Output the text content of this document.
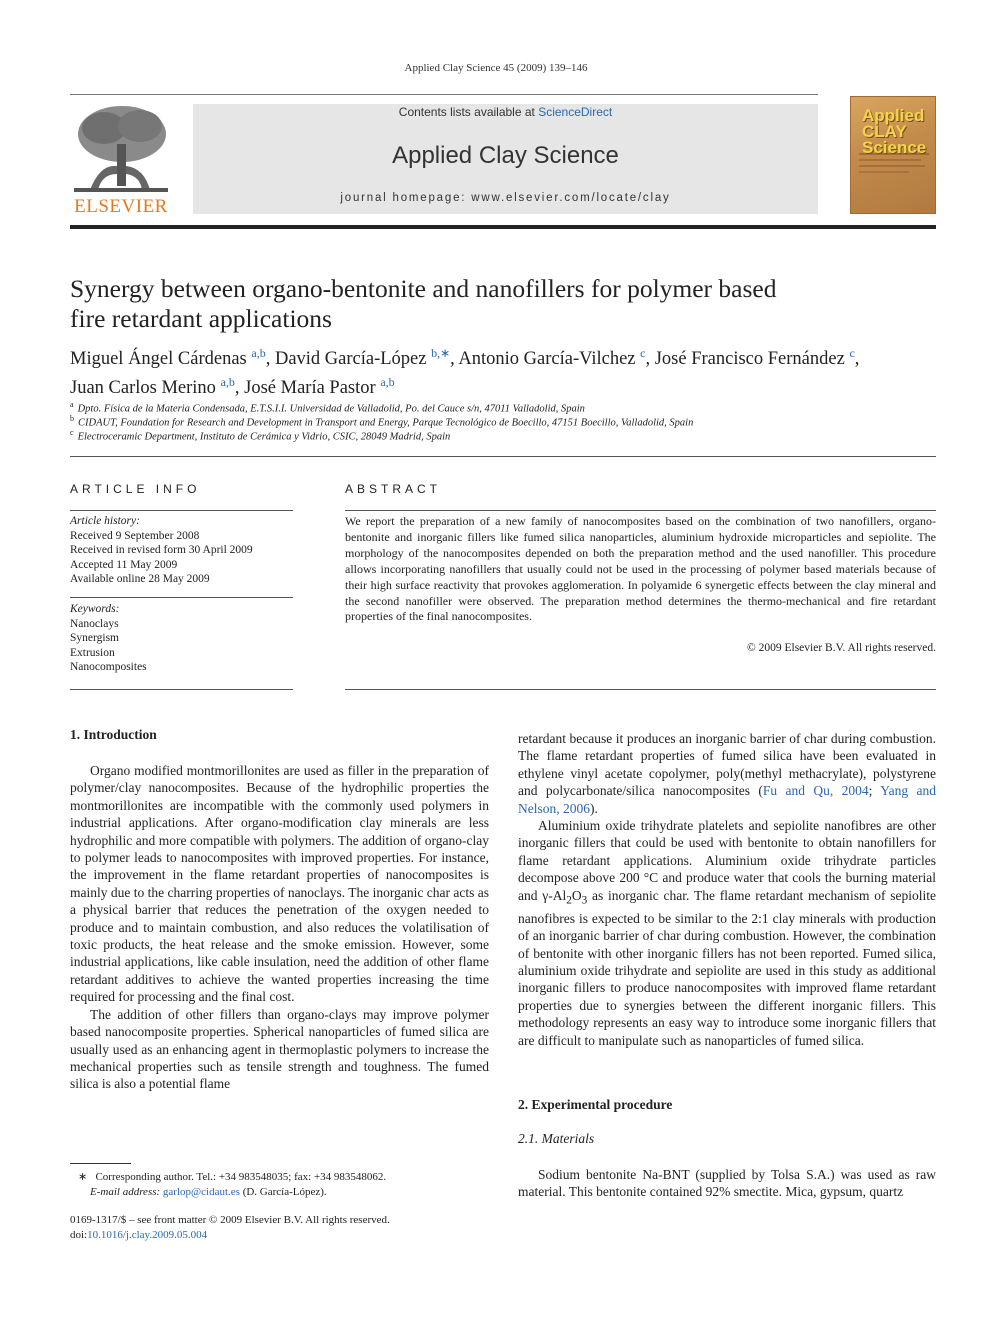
Applied Clay Science 45 (2009) 139–146
ELSEVIER
Contents lists available at ScienceDirect
Applied Clay Science
journal homepage: www.elsevier.com/locate/clay
Applied CLAY Science
Synergy between organo-bentonite and nanofillers for polymer based
fire retardant applications
Miguel Ángel Cárdenas $^{a,b}$, David García-López $^{b,∗}$, Antonio García-Vilchez $^c$, José Francisco Fernández $^c$,
Juan Carlos Merino $^{a,b}$, José María Pastor $^{a,b}$
$^a$ Dpto. Física de la Materia Condensada, E.T.S.I.I. Universidad de Valladolid, Po. del Cauce s/n, 47011 Valladolid, Spain
$^b$ CIDAUT, Foundation for Research and Development in Transport and Energy, Parque Tecnológico de Boecillo, 47151 Boecillo, Valladolid, Spain
$^c$ Electroceramic Department, Instituto de Cerámica y Vidrio, CSIC, 28049 Madrid, Spain
ARTICLE INFO
Article history:
Received 9 September 2008
Received in revised form 30 April 2009
Accepted 11 May 2009
Available online 28 May 2009
Keywords:
Nanoclays
Synergism
Extrusion
Nanocomposites
ABSTRACT
We report the preparation of a new family of nanocomposites based on the combination of two nanofillers, organo-bentonite and inorganic fillers like fumed silica nanoparticles, aluminium hydroxide microparticles and sepiolite. The morphology of the nanocomposites depended on both the preparation method and the used nanofiller. This procedure allows incorporating nanofillers that usually could not be used in the processing of polymer based materials because of their high surface reactivity that provokes agglomeration. In polyamide 6 synergetic effects between the clay mineral and the second nanofiller were observed. The preparation method determines the thermo-mechanical and fire retardant properties of the final nanocomposites.
© 2009 Elsevier B.V. All rights reserved.
1. Introduction

Organo modified montmorillonites are used as filler in the preparation of polymer/clay nanocomposites. Because of the hydrophilic properties the montmorillonites are incompatible with the commonly used polymers in industrial applications. After organo-modification clay minerals are less hydrophilic and more compatible with polymers. The addition of organo-clay to polymer leads to nanocomposites with improved properties. For instance, the improvement in the flame retardant properties of nanocomposites is mainly due to the charring properties of nanoclays. The inorganic char acts as a physical barrier that reduces the penetration of the oxygen needed to produce and to maintain combustion, and also reduces the volatilisation of toxic products, the heat release and the smoke emission. However, some industrial applications, like cable insulation, need the addition of other flame retardant additives to achieve the wanted properties increasing the time required for processing and the final cost.

The addition of other fillers than organo-clays may improve polymer based nanocomposite properties. Spherical nanoparticles of fumed silica are usually used as an enhancing agent in thermoplastic polymers to increase the mechanical properties such as tensile strength and toughness. The fumed silica is also a potential flame

retardant because it produces an inorganic barrier of char during combustion. The flame retardant properties of fumed silica have been evaluated in ethylene vinyl acetate copolymer, poly(methyl methacrylate), polystyrene and polycarbonate/silica nanocomposites (Fu and Qu, 2004; Yang and Nelson, 2006).

Aluminium oxide trihydrate platelets and sepiolite nanofibres are other inorganic fillers that could be used with bentonite to obtain nanofillers for flame retardant applications. Aluminium oxide trihydrate particles decompose above 200 °C and produce water that cools the burning material and $\gamma-Al_2O_3$ as inorganic char. The flame retardant mechanism of sepiolite nanofibres is expected to be similar to the 2:1 clay minerals with production of an inorganic barrier of char during combustion. However, the combination of bentonite with other inorganic fillers has not been reported. Fumed silica, aluminium oxide trihydrate and sepiolite are used in this study as additional inorganic fillers to produce nanocomposites with improved flame retardant properties due to synergies between the different inorganic fillers. This methodology represents an easy way to introduce some inorganic fillers that are difficult to manipulate such as nanoparticles of fumed silica.

2. Experimental procedure
2.1. Materials

Sodium bentonite Na-BNT (supplied by Tolsa S.A.) was used as raw material. This bentonite contained 92% smectite. Mica, gypsum, quartz

∗ Corresponding author. Tel.: +34 983548035; fax: +34 983548062.
E-mail address: garlop@cidaut.es (D. García-López).
0169-1317/$ – see front matter © 2009 Elsevier B.V. All rights reserved.
doi:10.1016/j.clay.2009.05.004
